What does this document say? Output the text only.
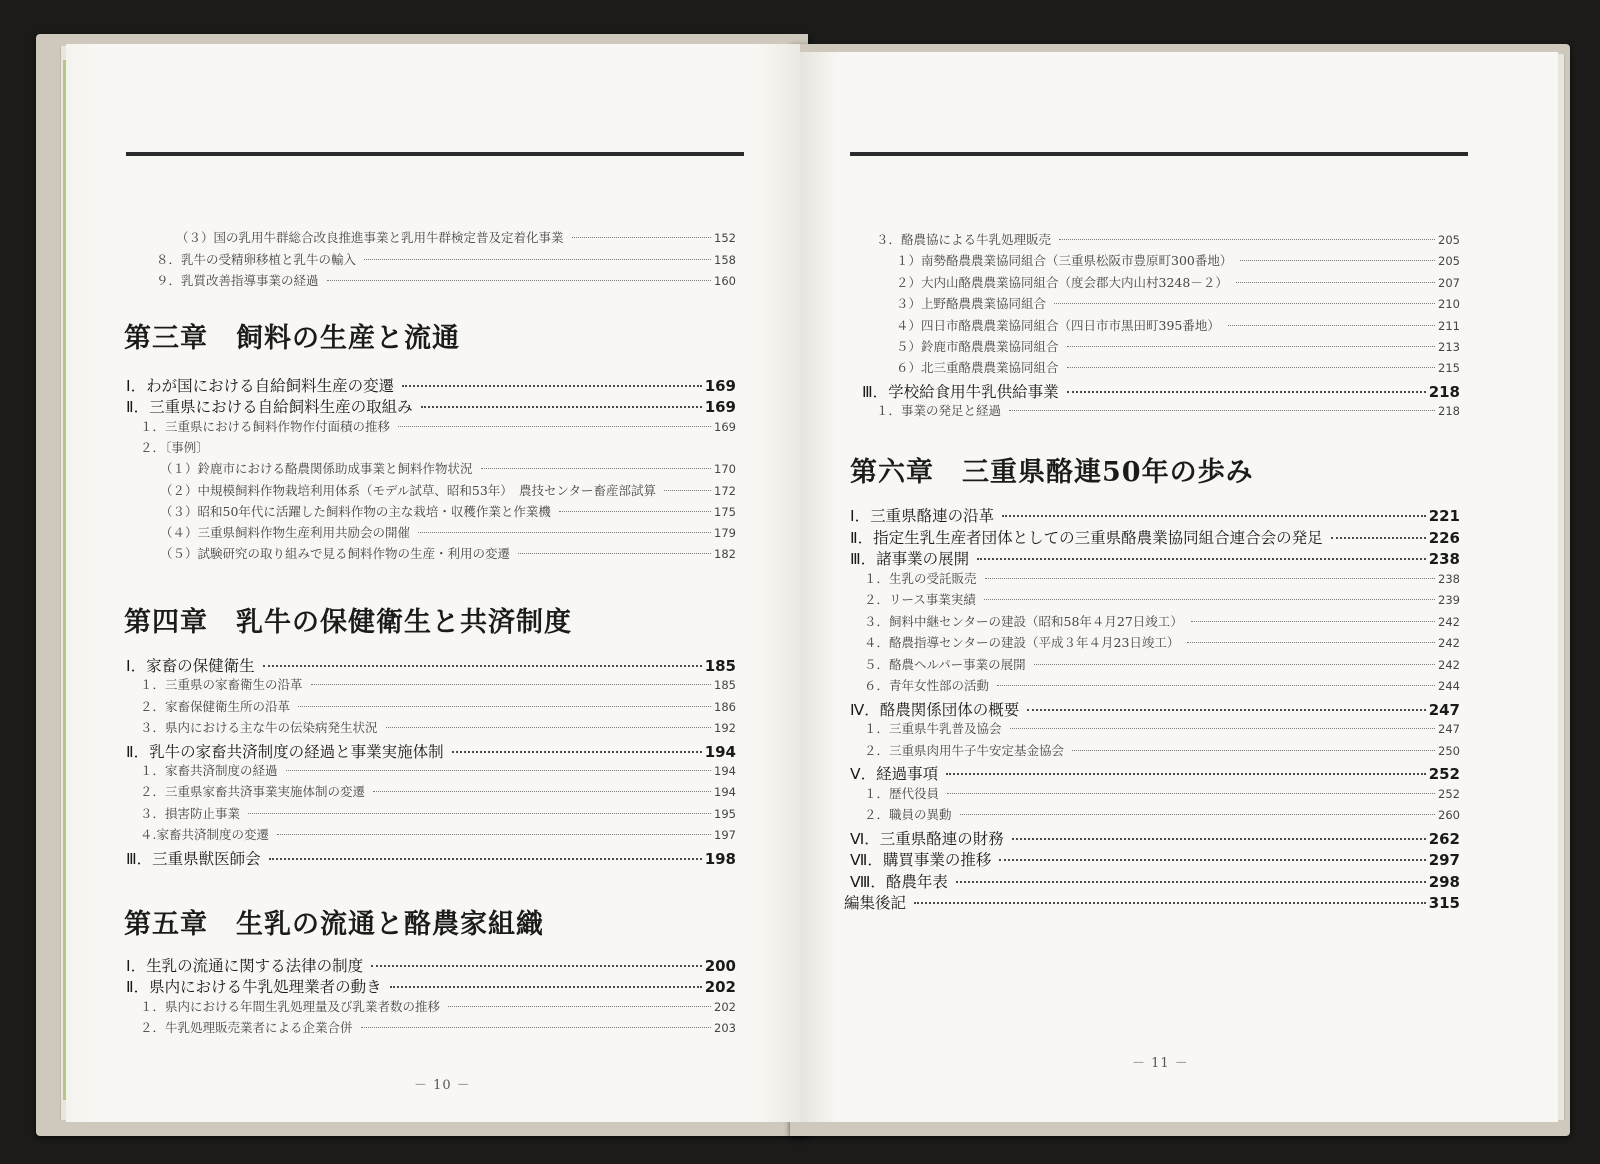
－ 10 －
（３）国の乳用牛群総合改良推進事業と乳用牛群検定普及定着化事業	152
８．乳牛の受精卵移植と乳牛の輸入	158
９．乳質改善指導事業の経過	160
第三章　飼料の生産と流通
Ⅰ．わが国における自給飼料生産の変遷	169
Ⅱ．三重県における自給飼料生産の取組み	169
１．三重県における飼料作物作付面積の推移	169
２．〔事例〕
（１）鈴鹿市における酪農関係助成事業と飼料作物状況	170
（２）中規模飼料作物栽培利用体系（モデル試草、昭和53年）　農技センター畜産部試算	172
（３）昭和50年代に活躍した飼料作物の主な栽培・収穫作業と作業機	175
（４）三重県飼料作物生産利用共励会の開催	179
（５）試験研究の取り組みで見る飼料作物の生産・利用の変遷	182
第四章　乳牛の保健衛生と共済制度
Ⅰ．家畜の保健衛生	185
１．三重県の家畜衛生の沿革	185
２．家畜保健衛生所の沿革	186
３．県内における主な牛の伝染病発生状況	192
Ⅱ．乳牛の家畜共済制度の経過と事業実施体制	194
１．家畜共済制度の経過	194
２．三重県家畜共済事業実施体制の変遷	194
３．損害防止事業	195
４.家畜共済制度の変遷	197
Ⅲ．三重県獣医師会	198
第五章　生乳の流通と酪農家組織
Ⅰ．生乳の流通に関する法律の制度	200
Ⅱ．県内における牛乳処理業者の動き	202
１．県内における年間生乳処理量及び乳業者数の推移	202
２．牛乳処理販売業者による企業合併	203
－ 11 －
３．酪農協による牛乳処理販売	205
１）南勢酪農農業協同組合（三重県松阪市豊原町300番地）	205
２）大内山酪農農業協同組合（度会郡大内山村3248－２）	207
３）上野酪農農業協同組合	210
４）四日市酪農農業協同組合（四日市市黒田町395番地）	211
５）鈴鹿市酪農農業協同組合	213
６）北三重酪農農業協同組合	215
Ⅲ．学校給食用牛乳供給事業	218
１．事業の発足と経過	218
第六章　三重県酪連50年の歩み
Ⅰ．三重県酪連の沿革	221
Ⅱ．指定生乳生産者団体としての三重県酪農業協同組合連合会の発足	226
Ⅲ．諸事業の展開	238
１．生乳の受託販売	238
２．リース事業実績	239
３．飼料中継センターの建設（昭和58年４月27日竣工）	242
４．酪農指導センターの建設（平成３年４月23日竣工）	242
５．酪農ヘルパー事業の展開	242
６．青年女性部の活動	244
Ⅳ．酪農関係団体の概要	247
１．三重県牛乳普及協会	247
２．三重県肉用牛子牛安定基金協会	250
Ⅴ．経過事項	252
１．歴代役員	252
２．職員の異動	260
Ⅵ．三重県酪連の財務	262
Ⅶ．購買事業の推移	297
Ⅷ．酪農年表	298
編集後記	315
